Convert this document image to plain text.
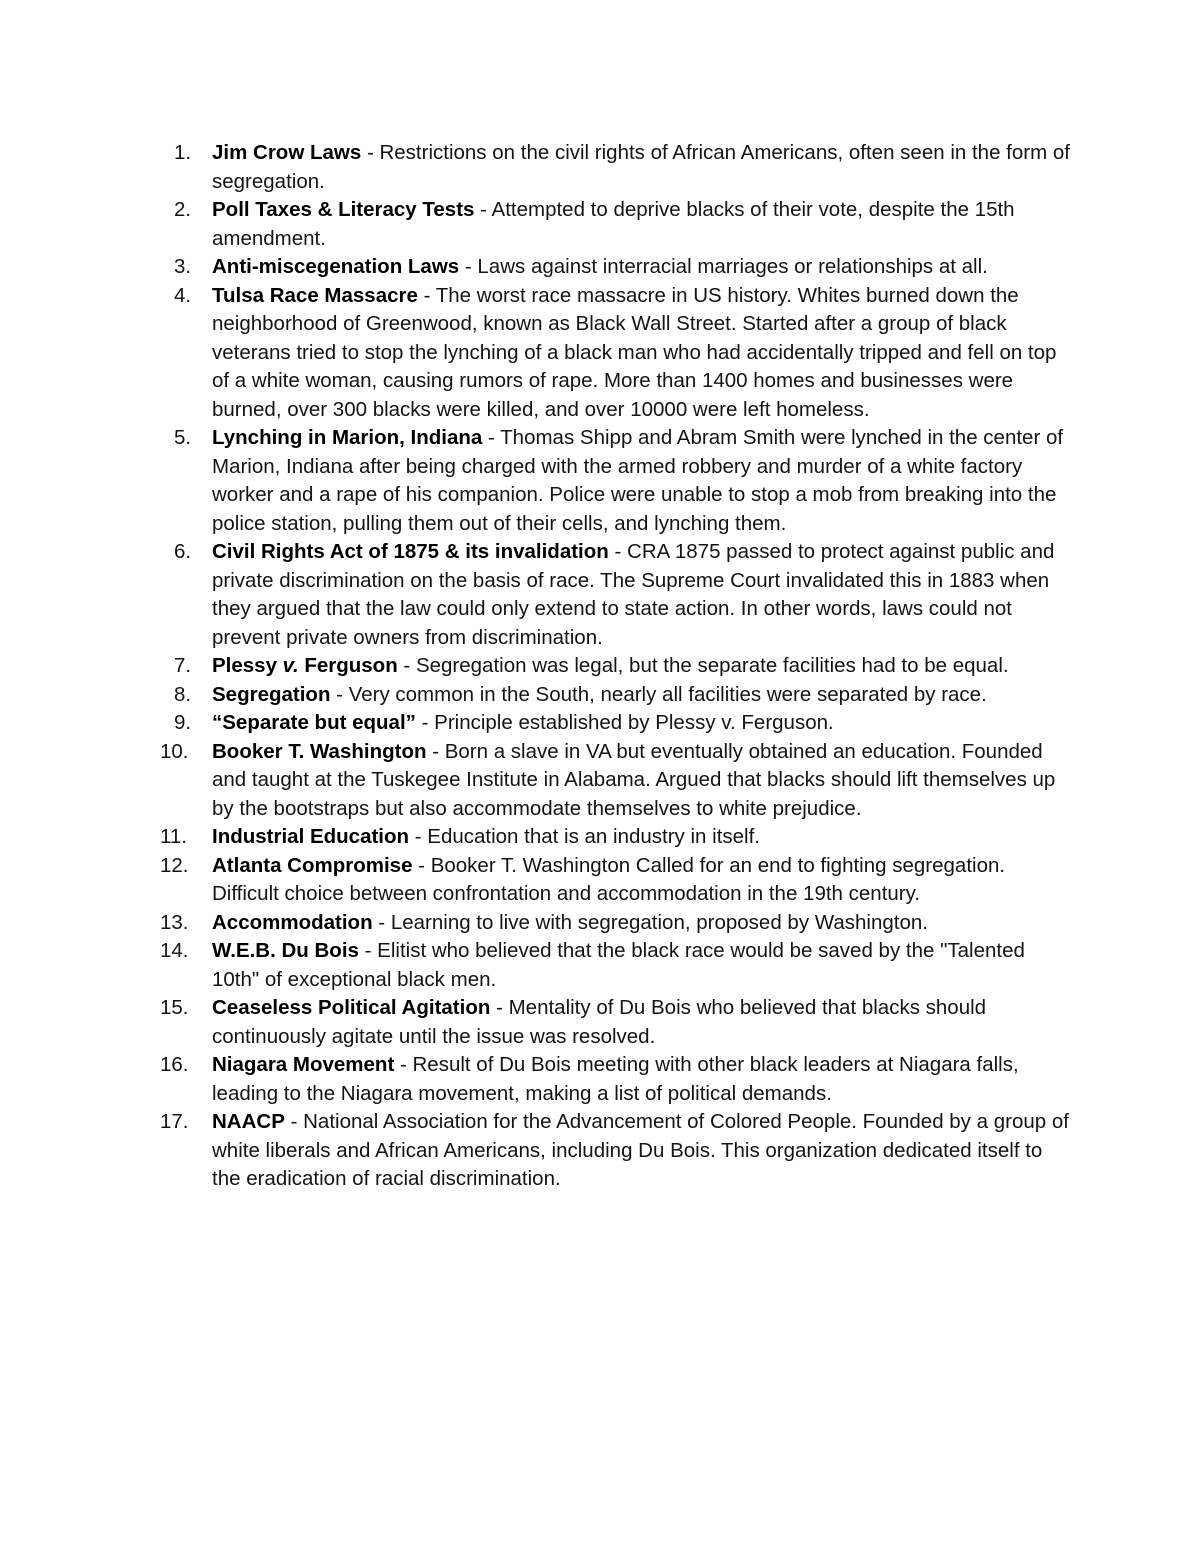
1. Jim Crow Laws - Restrictions on the civil rights of African Americans, often seen in the form of segregation.
2. Poll Taxes & Literacy Tests - Attempted to deprive blacks of their vote, despite the 15th amendment.
3. Anti-miscegenation Laws - Laws against interracial marriages or relationships at all.
4. Tulsa Race Massacre - The worst race massacre in US history. Whites burned down the neighborhood of Greenwood, known as Black Wall Street. Started after a group of black veterans tried to stop the lynching of a black man who had accidentally tripped and fell on top of a white woman, causing rumors of rape. More than 1400 homes and businesses were burned, over 300 blacks were killed, and over 10000 were left homeless.
5. Lynching in Marion, Indiana - Thomas Shipp and Abram Smith were lynched in the center of Marion, Indiana after being charged with the armed robbery and murder of a white factory worker and a rape of his companion. Police were unable to stop a mob from breaking into the police station, pulling them out of their cells, and lynching them.
6. Civil Rights Act of 1875 & its invalidation - CRA 1875 passed to protect against public and private discrimination on the basis of race. The Supreme Court invalidated this in 1883 when they argued that the law could only extend to state action. In other words, laws could not prevent private owners from discrimination.
7. Plessy v. Ferguson - Segregation was legal, but the separate facilities had to be equal.
8. Segregation - Very common in the South, nearly all facilities were separated by race.
9. “Separate but equal” - Principle established by Plessy v. Ferguson.
10. Booker T. Washington - Born a slave in VA but eventually obtained an education. Founded and taught at the Tuskegee Institute in Alabama. Argued that blacks should lift themselves up by the bootstraps but also accommodate themselves to white prejudice.
11. Industrial Education - Education that is an industry in itself.
12. Atlanta Compromise - Booker T. Washington Called for an end to fighting segregation. Difficult choice between confrontation and accommodation in the 19th century.
13. Accommodation - Learning to live with segregation, proposed by Washington.
14. W.E.B. Du Bois - Elitist who believed that the black race would be saved by the "Talented 10th" of exceptional black men.
15. Ceaseless Political Agitation - Mentality of Du Bois who believed that blacks should continuously agitate until the issue was resolved.
16. Niagara Movement - Result of Du Bois meeting with other black leaders at Niagara falls, leading to the Niagara movement, making a list of political demands.
17. NAACP - National Association for the Advancement of Colored People. Founded by a group of white liberals and African Americans, including Du Bois. This organization dedicated itself to the eradication of racial discrimination.
